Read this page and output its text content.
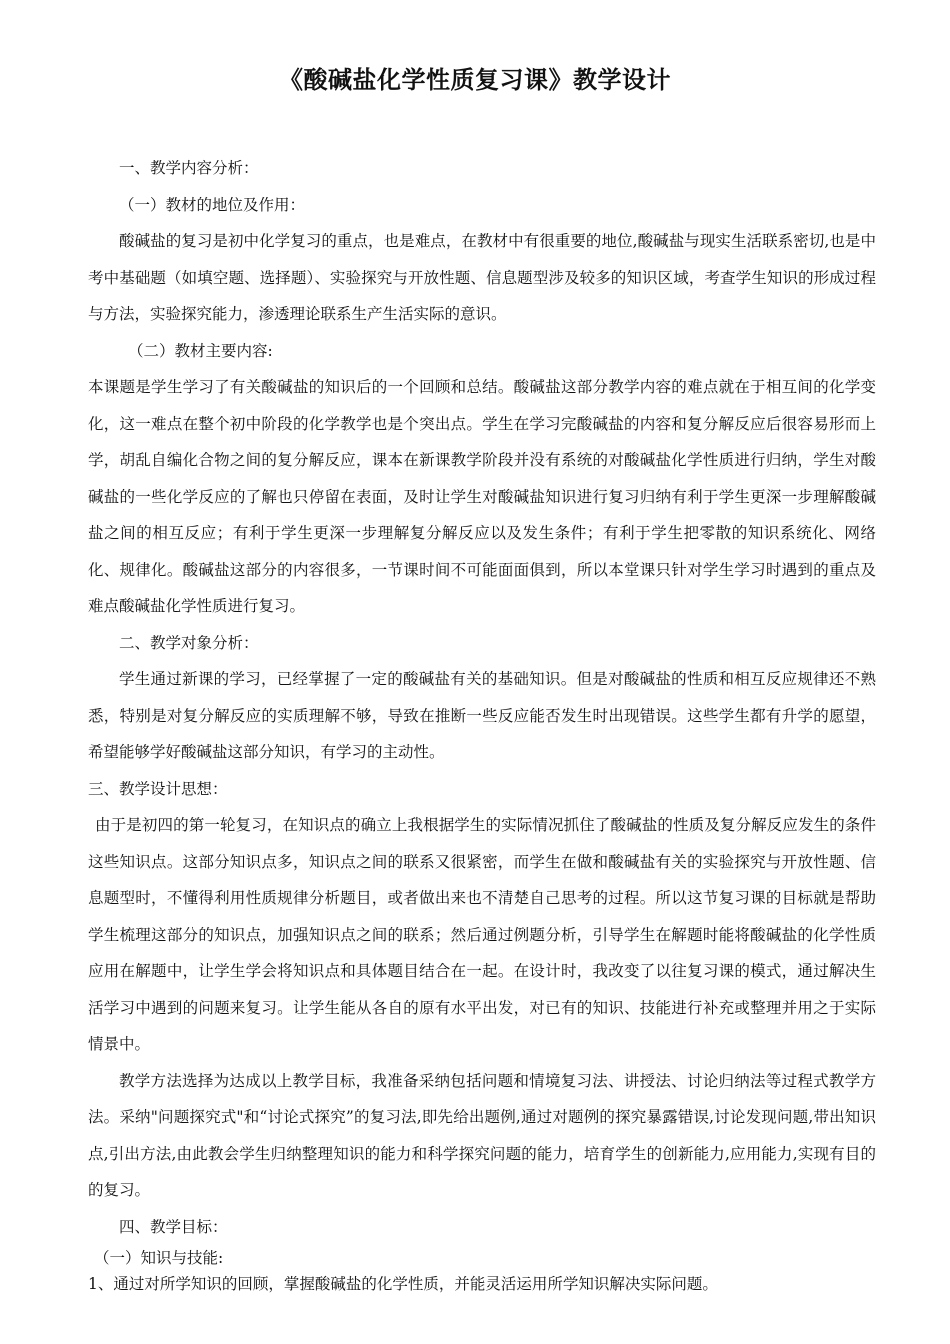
《酸碱盐化学性质复习课》教学设计

一、教学内容分析：

（一）教材的地位及作用：

酸碱盐的复习是初中化学复习的重点，也是难点，在教材中有很重要的地位,酸碱盐与现实生活联系密切,也是中考中基础题（如填空题、选择题）、实验探究与开放性题、信息题型涉及较多的知识区域，考查学生知识的形成过程与方法，实验探究能力，渗透理论联系生产生活实际的意识。

（二）教材主要内容:

本课题是学生学习了有关酸碱盐的知识后的一个回顾和总结。酸碱盐这部分教学内容的难点就在于相互间的化学变化，这一难点在整个初中阶段的化学教学也是个突出点。学生在学习完酸碱盐的内容和复分解反应后很容易形而上学，胡乱自编化合物之间的复分解反应，课本在新课教学阶段并没有系统的对酸碱盐化学性质进行归纳，学生对酸碱盐的一些化学反应的了解也只停留在表面，及时让学生对酸碱盐知识进行复习归纳有利于学生更深一步理解酸碱盐之间的相互反应；有利于学生更深一步理解复分解反应以及发生条件；有利于学生把零散的知识系统化、网络化、规律化。酸碱盐这部分的内容很多，一节课时间不可能面面俱到，所以本堂课只针对学生学习时遇到的重点及难点酸碱盐化学性质进行复习。

二、教学对象分析：

学生通过新课的学习，已经掌握了一定的酸碱盐有关的基础知识。但是对酸碱盐的性质和相互反应规律还不熟悉，特别是对复分解反应的实质理解不够，导致在推断一些反应能否发生时出现错误。这些学生都有升学的愿望，希望能够学好酸碱盐这部分知识，有学习的主动性。

三、教学设计思想：

由于是初四的第一轮复习，在知识点的确立上我根据学生的实际情况抓住了酸碱盐的性质及复分解反应发生的条件这些知识点。这部分知识点多，知识点之间的联系又很紧密，而学生在做和酸碱盐有关的实验探究与开放性题、信息题型时，不懂得利用性质规律分析题目，或者做出来也不清楚自己思考的过程。所以这节复习课的目标就是帮助学生梳理这部分的知识点，加强知识点之间的联系；然后通过例题分析，引导学生在解题时能将酸碱盐的化学性质应用在解题中，让学生学会将知识点和具体题目结合在一起。在设计时，我改变了以往复习课的模式，通过解决生活学习中遇到的问题来复习。让学生能从各自的原有水平出发，对已有的知识、技能进行补充或整理并用之于实际情景中。

教学方法选择为达成以上教学目标，我准备采纳包括问题和情境复习法、讲授法、讨论归纳法等过程式教学方法。采纳"问题探究式"和“讨论式探究”的复习法,即先给出题例,通过对题例的探究暴露错误,讨论发现问题,带出知识点,引出方法,由此教会学生归纳整理知识的能力和科学探究问题的能力，培育学生的创新能力,应用能力,实现有目的的复习。

四、教学目标：

（一）知识与技能:

1、通过对所学知识的回顾，掌握酸碱盐的化学性质，并能灵活运用所学知识解决实际问题。
